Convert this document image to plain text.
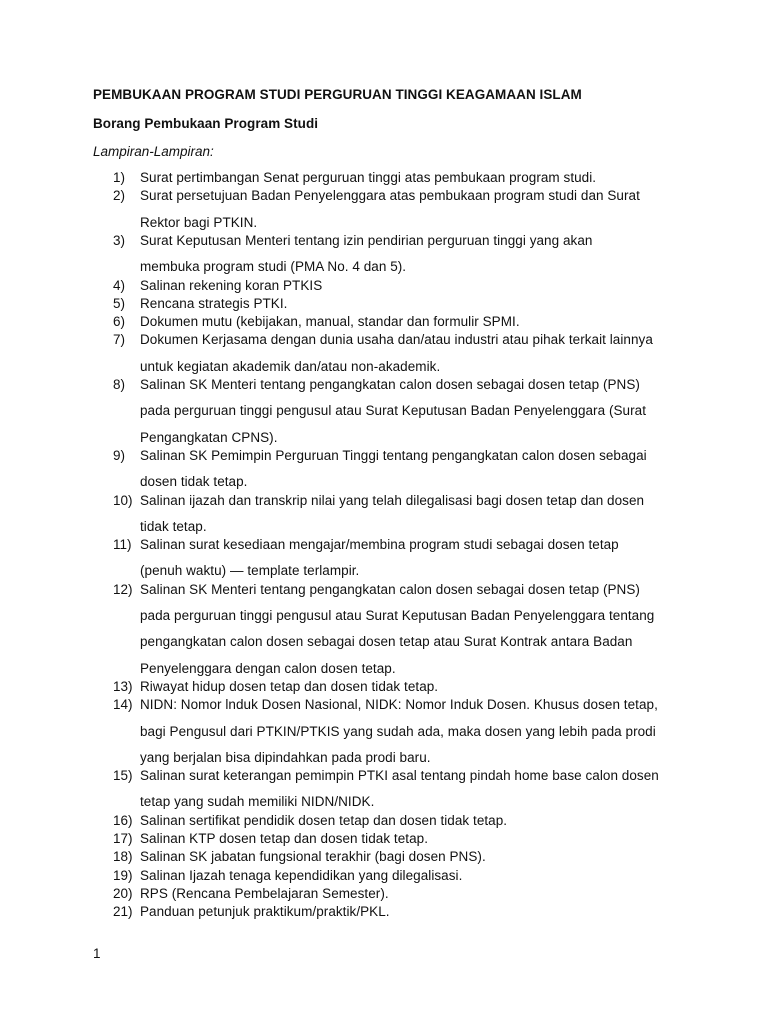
PEMBUKAAN PROGRAM STUDI PERGURUAN TINGGI KEAGAMAAN ISLAM
Borang Pembukaan Program Studi
Lampiran-Lampiran:
1)	Surat pertimbangan Senat perguruan tinggi atas pembukaan program studi.
2)	Surat persetujuan Badan Penyelenggara atas pembukaan program studi dan Surat
Rektor bagi PTKIN.
3)	Surat Keputusan Menteri tentang izin pendirian perguruan tinggi yang akan
membuka program studi (PMA No. 4 dan 5).
4)	Salinan rekening koran PTKIS
5)	Rencana strategis PTKI.
6)	Dokumen mutu (kebijakan, manual, standar dan formulir SPMI.
7)	Dokumen Kerjasama dengan dunia usaha dan/atau industri atau pihak terkait lainnya
untuk kegiatan akademik dan/atau non-akademik.
8)	Salinan SK Menteri tentang pengangkatan calon dosen sebagai dosen tetap (PNS)
pada perguruan tinggi pengusul atau Surat Keputusan Badan Penyelenggara (Surat
Pengangkatan CPNS).
9)	Salinan SK Pemimpin Perguruan Tinggi tentang pengangkatan calon dosen sebagai
dosen tidak tetap.
10) Salinan ijazah dan transkrip nilai yang telah dilegalisasi bagi dosen tetap dan dosen
tidak tetap.
11) Salinan surat kesediaan mengajar/membina program studi sebagai dosen tetap
(penuh waktu) — template terlampir.
12) Salinan SK Menteri tentang pengangkatan calon dosen sebagai dosen tetap (PNS)
pada perguruan tinggi pengusul atau Surat Keputusan Badan Penyelenggara tentang
pengangkatan calon dosen sebagai dosen tetap atau Surat Kontrak antara Badan
Penyelenggara dengan calon dosen tetap.
13) Riwayat hidup dosen tetap dan dosen tidak tetap.
14) NIDN: Nomor lnduk Dosen Nasional, NIDK: Nomor Induk Dosen. Khusus dosen tetap,
bagi Pengusul dari PTKIN/PTKIS yang sudah ada, maka dosen yang lebih pada prodi
yang berjalan bisa dipindahkan pada prodi baru.
15) Salinan surat keterangan pemimpin PTKI asal tentang pindah home base calon dosen
tetap yang sudah memiliki NIDN/NIDK.
16) Salinan sertifikat pendidik dosen tetap dan dosen tidak tetap.
17) Salinan KTP dosen tetap dan dosen tidak tetap.
18) Salinan SK jabatan fungsional terakhir (bagi dosen PNS).
19) Salinan Ijazah tenaga kependidikan yang dilegalisasi.
20) RPS (Rencana Pembelajaran Semester).
21) Panduan petunjuk praktikum/praktik/PKL.
1
